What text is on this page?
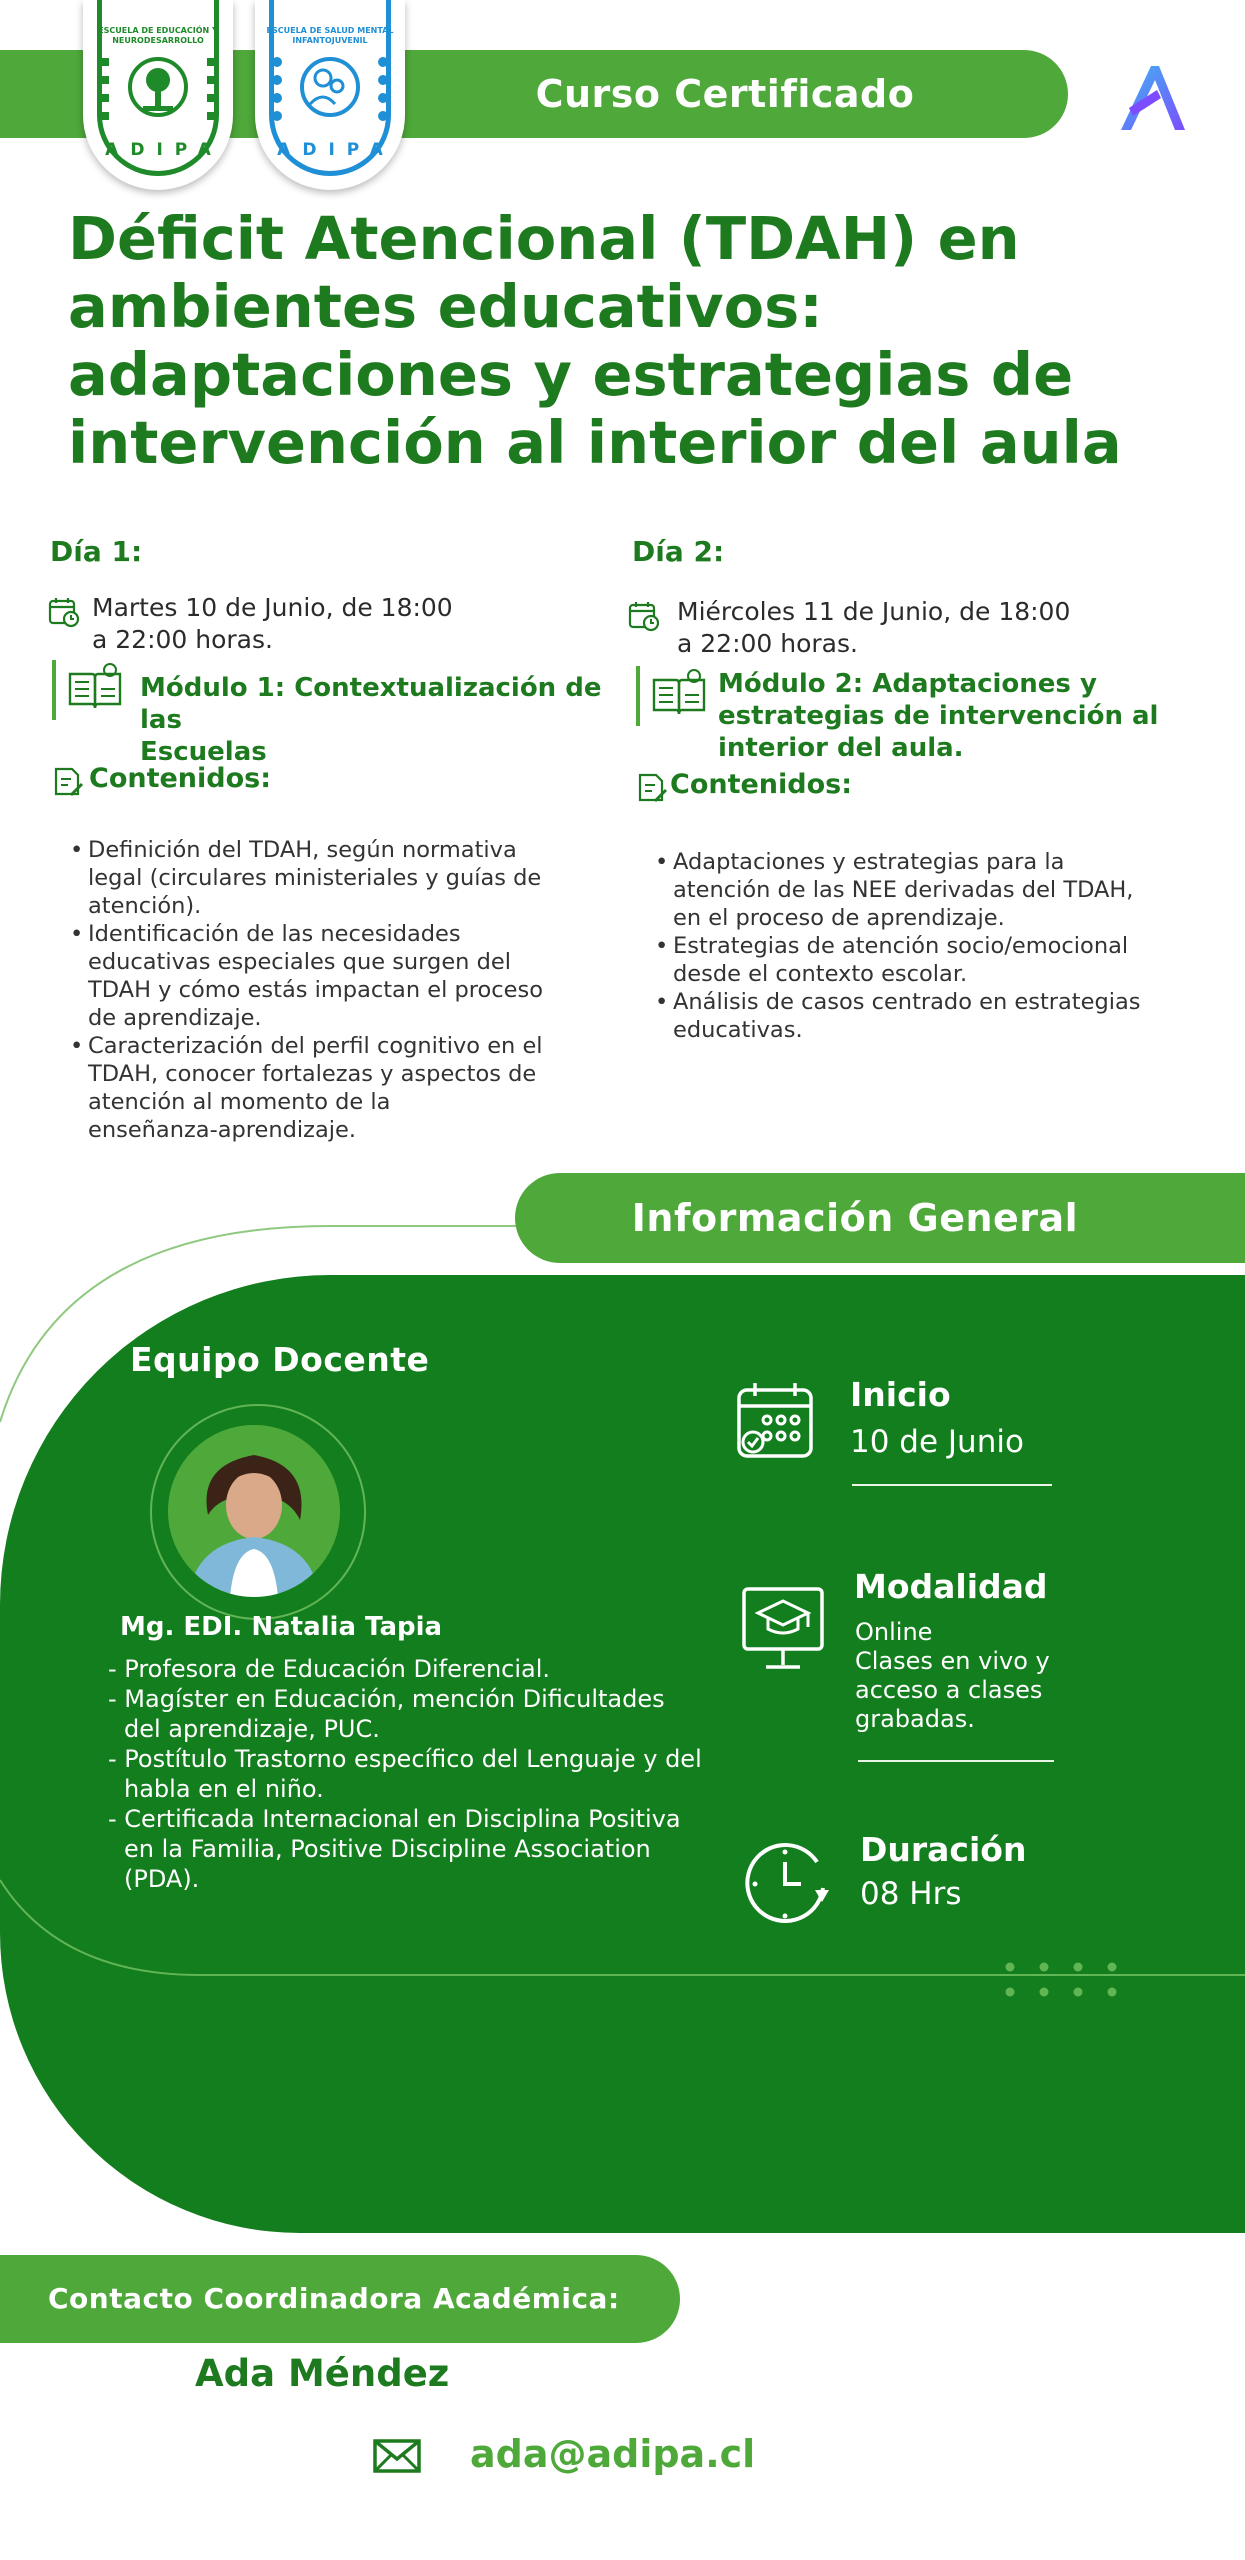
Curso Certificado
ESCUELA DE EDUCACIÓN Y NEURODESARROLLO
ADIPA
ESCUELA DE SALUD MENTAL INFANTOJUVENIL
ADIPA
Déficit Atencional (TDAH) en ambientes educativos: adaptaciones y estrategias de intervención al interior del aula
Día 1:
Martes 10 de Junio, de 18:00
a 22:00 horas.
Módulo 1: Contextualización de las
Escuelas
Contenidos:
• Definición del TDAH, según normativa
legal (circulares ministeriales y guías de
atención).
• Identificación de las necesidades
educativas especiales que surgen del
TDAH y cómo estás impactan el proceso
de aprendizaje.
• Caracterización del perfil cognitivo en el
TDAH, conocer fortalezas y aspectos de
atención al momento de la
enseñanza-aprendizaje.
Día 2:
Miércoles 11 de Junio, de 18:00
a 22:00 horas.
Módulo 2: Adaptaciones y
estrategias de intervención al
interior del aula.
Contenidos:
• Adaptaciones y estrategias para la
atención de las NEE derivadas del TDAH,
en el proceso de aprendizaje.
• Estrategias de atención socio/emocional
desde el contexto escolar.
• Análisis de casos centrado en estrategias
educativas.
Información General
Equipo Docente
Mg. EDI. Natalia Tapia
- Profesora de Educación Diferencial.
- Magíster en Educación, mención Dificultades del aprendizaje, PUC.
- Postítulo Trastorno específico del Lenguaje y del habla en el niño.
- Certificada Internacional en Disciplina Positiva en la Familia, Positive Discipline Association (PDA).
Inicio
10 de Junio
Modalidad
Online
Clases en vivo y
acceso a clases
grabadas.
Duración
08 Hrs
Contacto Coordinadora Académica:
Ada Méndez
ada@adipa.cl
